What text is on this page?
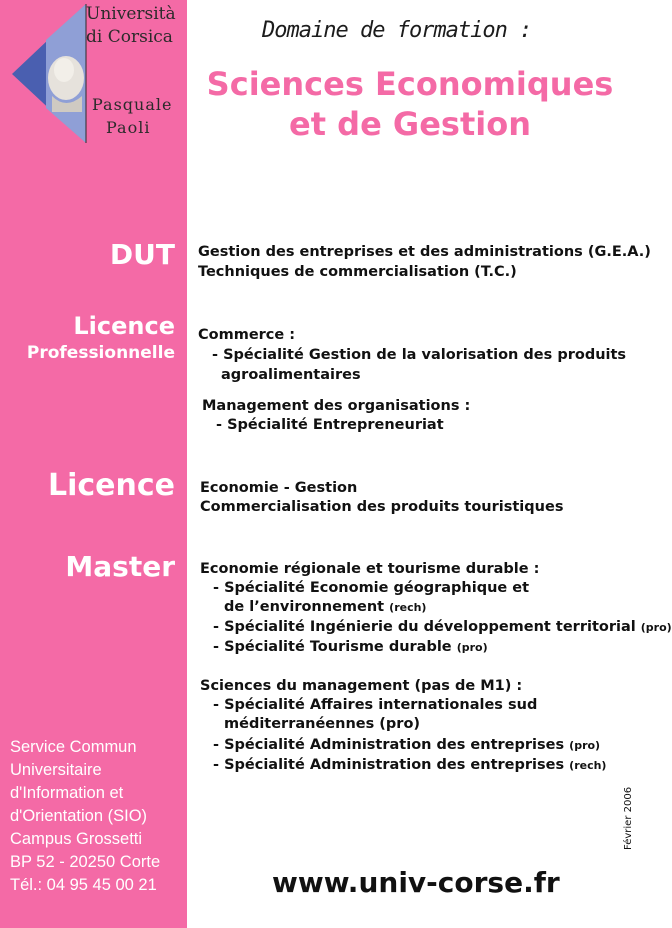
Università
di Corsica
Pasquale
Paoli
Domaine de formation :
Sciences Economiques
et de Gestion
DUT
Licence
Professionnelle
Licence
Master
Gestion des entreprises et des administrations (G.E.A.)
Techniques de commercialisation (T.C.)
Commerce :
- Spécialité Gestion de la valorisation des produits
agroalimentaires
Management des organisations :
- Spécialité Entrepreneuriat
Economie - Gestion
Commercialisation des produits touristiques
Economie régionale et tourisme durable :
- Spécialité Economie géographique et
de l’environnement (rech)
- Spécialité Ingénierie du développement territorial (pro)
- Spécialité Tourisme durable (pro)
Sciences du management (pas de M1) :
- Spécialité Affaires internationales sud
méditerranéennes (pro)
- Spécialité Administration des entreprises (pro)
- Spécialité Administration des entreprises (rech)
Service Commun
Universitaire
d'Information et
d'Orientation (SIO)
Campus Grossetti
BP 52 - 20250 Corte
Tél.: 04 95 45 00 21
Février 2006
www.univ-corse.fr
